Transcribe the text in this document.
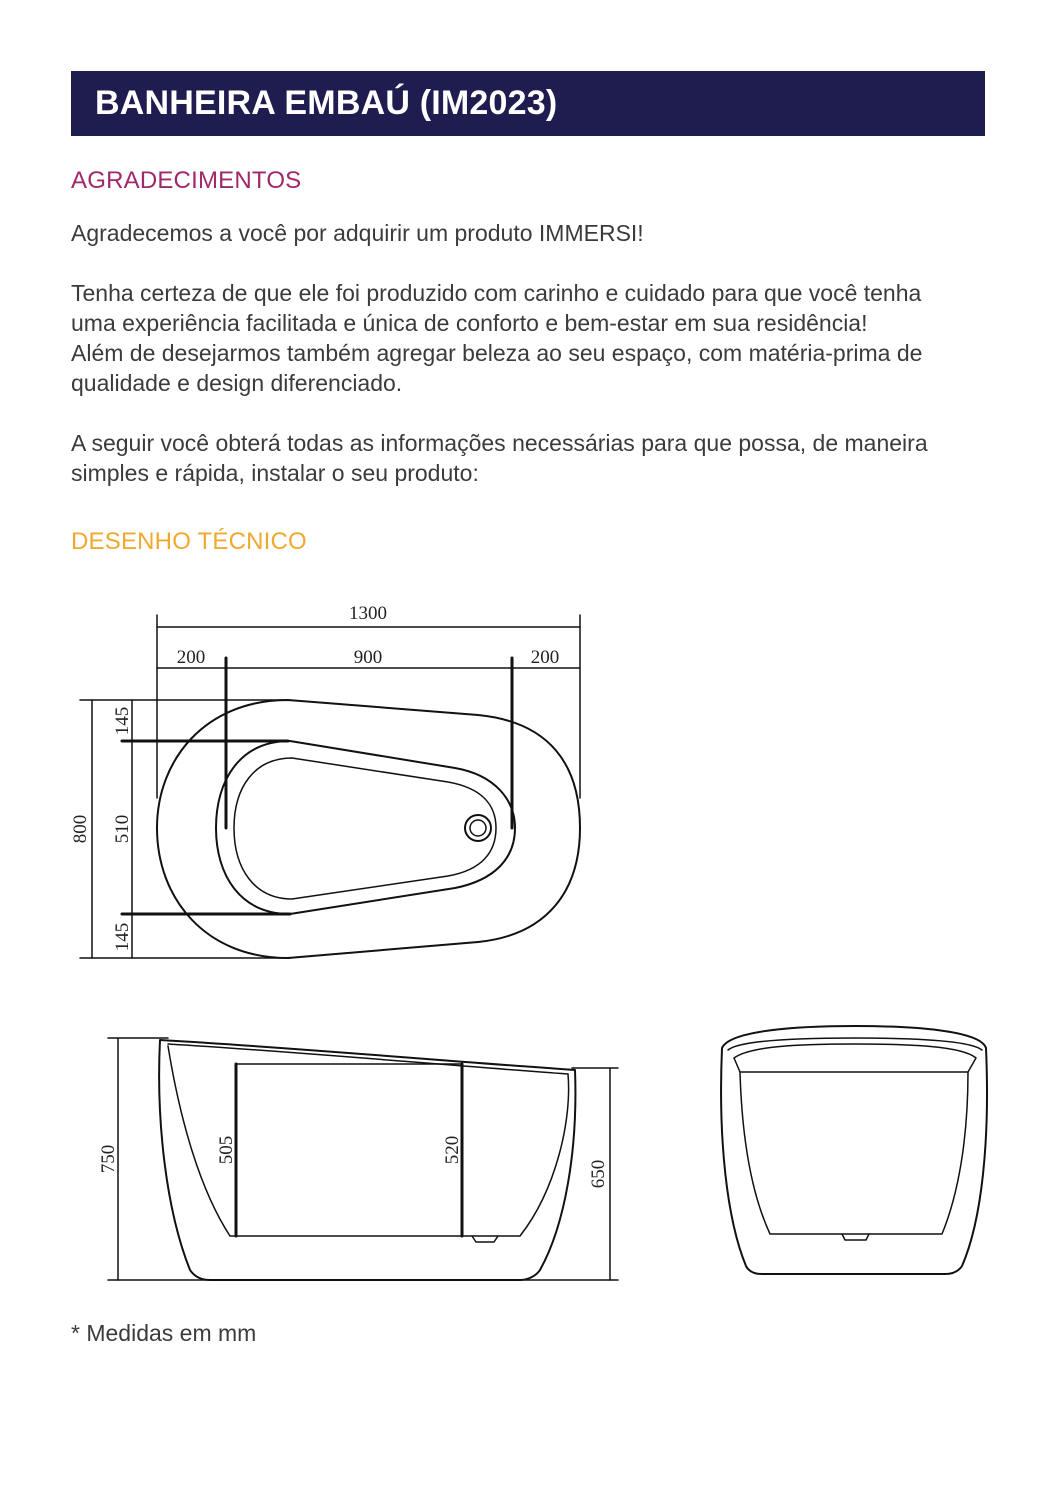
BANHEIRA EMBAÚ (IM2023)
AGRADECIMENTOS
Agradecemos a você por adquirir um produto IMMERSI!
Tenha certeza de que ele foi produzido com carinho e cuidado para que você tenha
uma experiência facilitada e única de conforto e bem-estar em sua residência!
Além de desejarmos também agregar beleza ao seu espaço, com matéria-prima de
qualidade e design diferenciado.
A seguir você obterá todas as informações necessárias para que possa, de maneira
simples e rápida, instalar o seu produto:
DESENHO TÉCNICO
1300
200	900	200
800
145
510
145
750	505	520
650
* Medidas em mm
